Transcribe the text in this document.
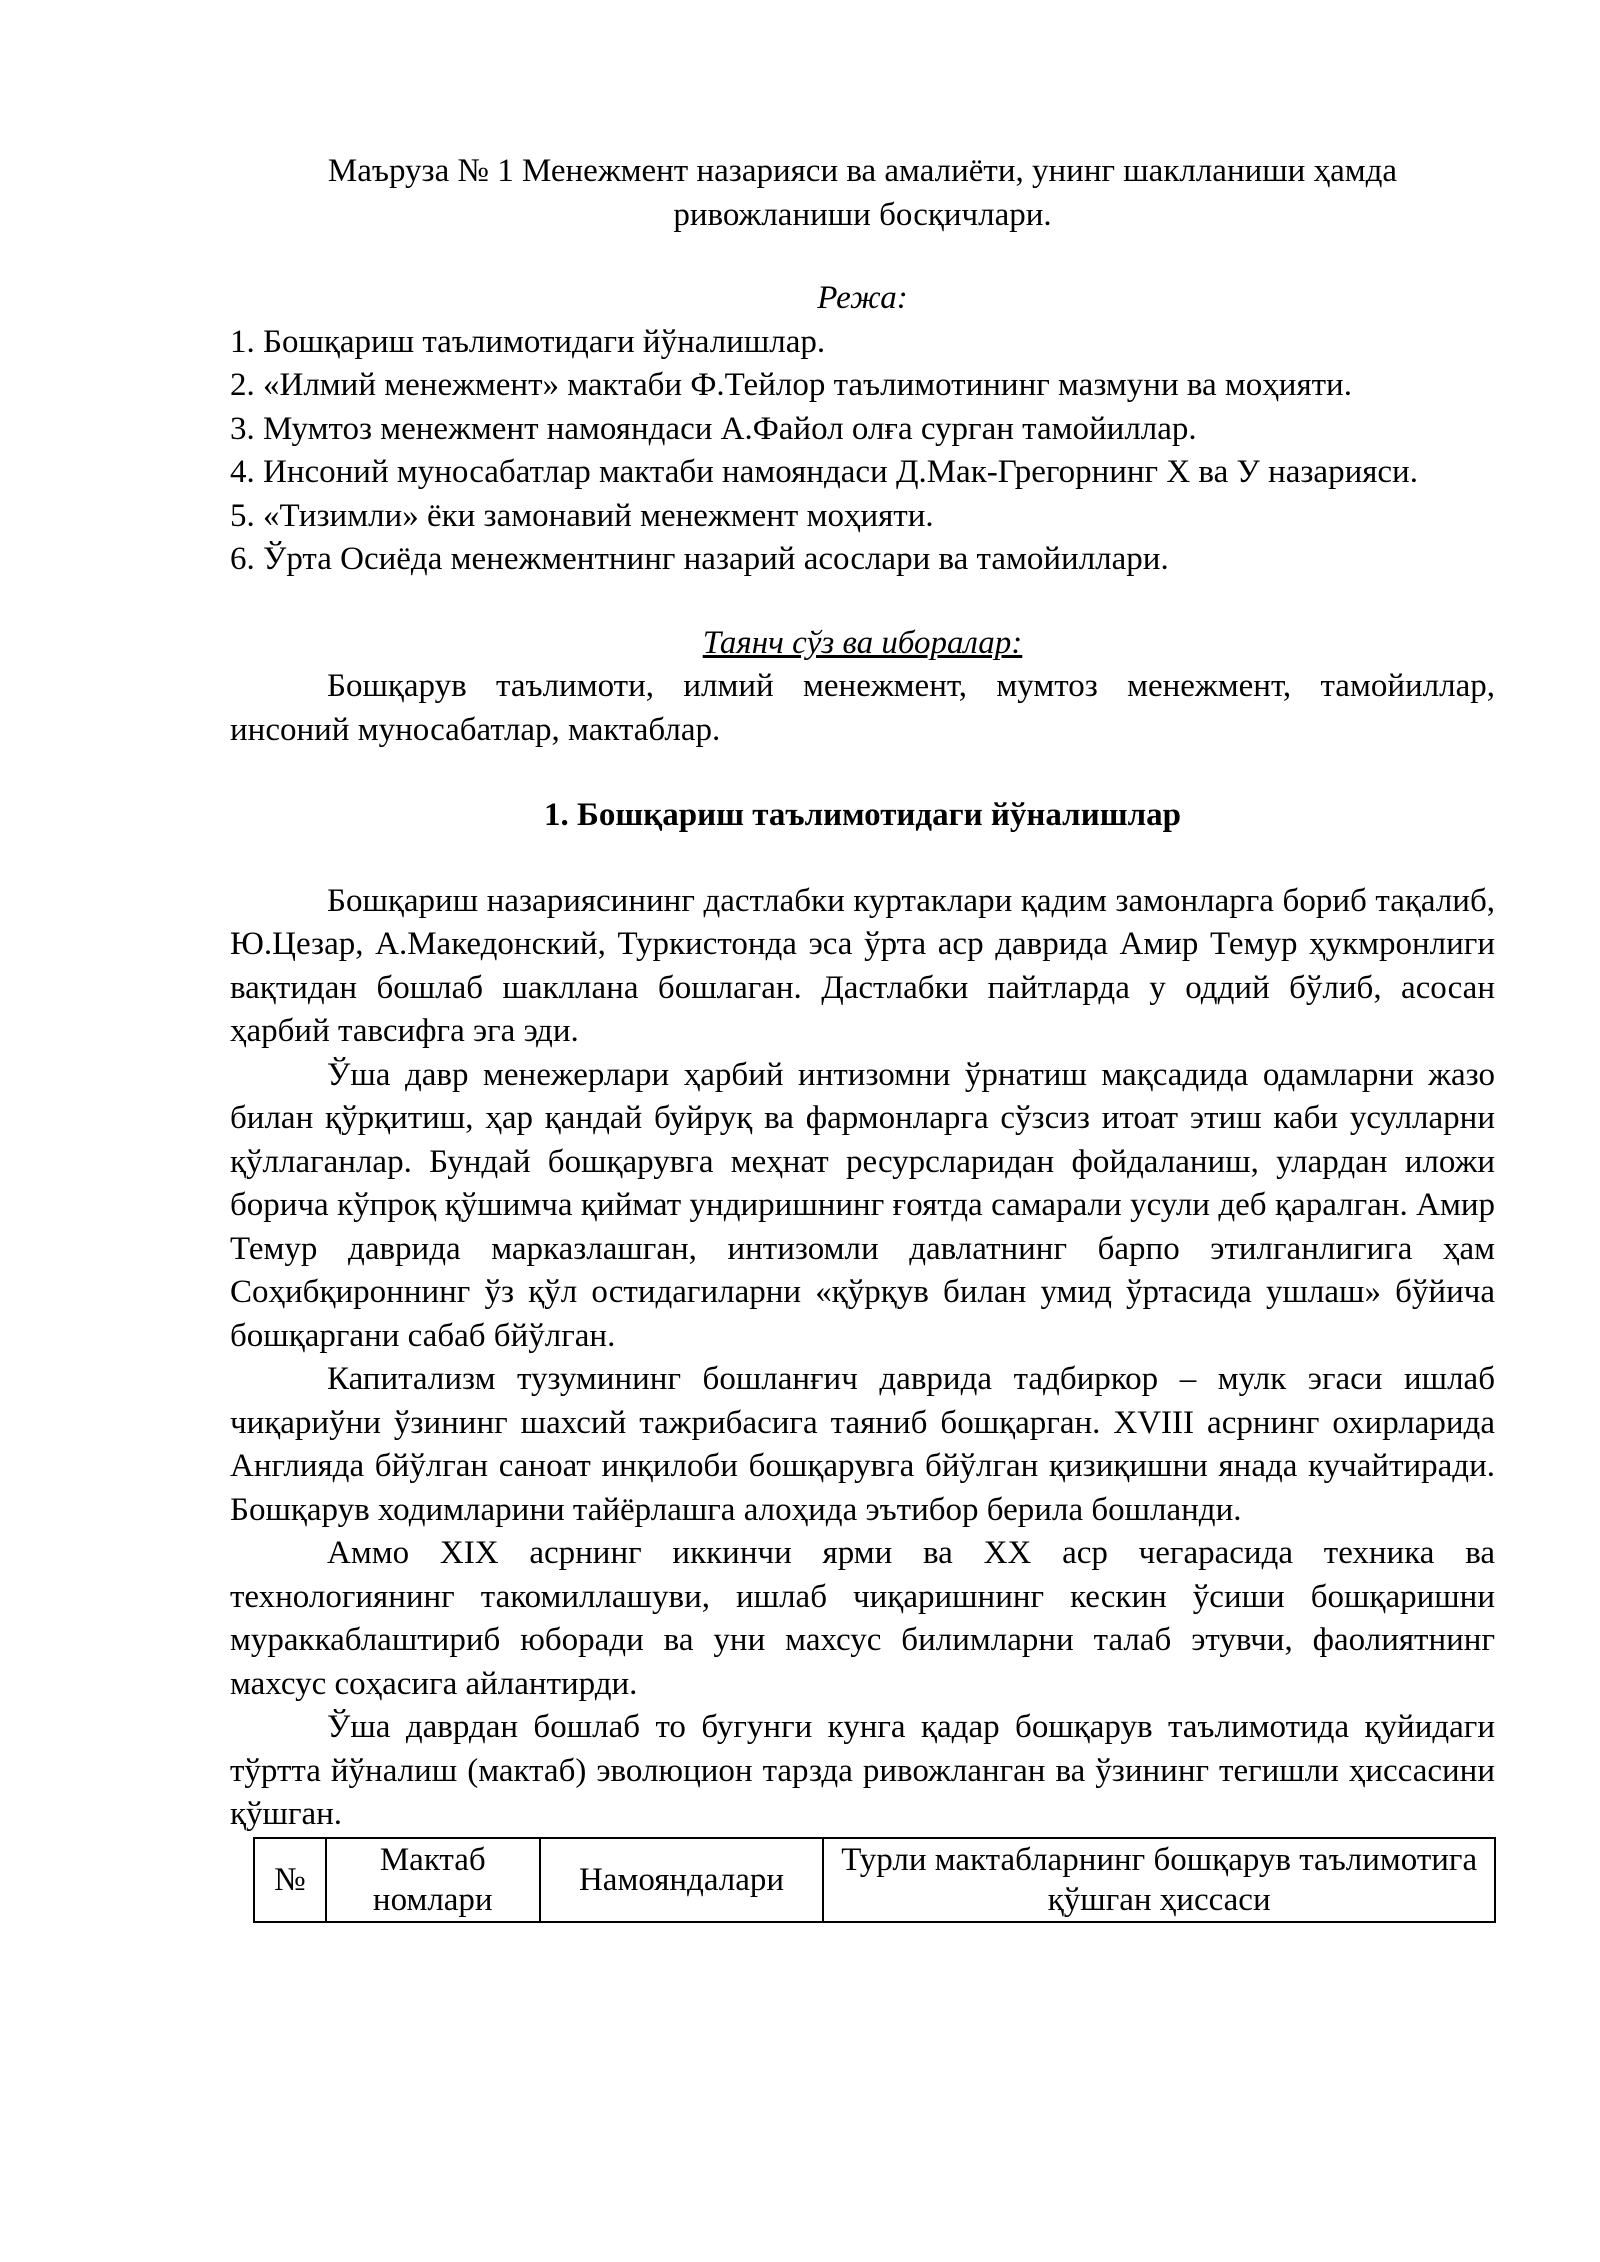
Маъруза № 1 Менежмент назарияси ва амалиёти, унинг шаклланиши ҳамда ривожланиши босқичлари.

Режа:

1. Бошқариш таълимотидаги йўналишлар.
2. «Илмий менежмент» мактаби Ф.Тейлор таълимотининг мазмуни ва моҳияти.
3. Мумтоз менежмент намояндаси А.Файол олға сурган тамойиллар.
4. Инсоний муносабатлар мактаби намояндаси Д.Мак-Грегорнинг Х ва У назарияси.
5. «Тизимли» ёки замонавий менежмент моҳияти.
6. Ўрта Осиёда менежментнинг назарий асослари ва тамойиллари.

Таянч сўз ва иборалар:

Бошқарув таълимоти, илмий менежмент, мумтоз менежмент, тамойиллар, инсоний муносабатлар, мактаблар.

1. Бошқариш таълимотидаги йўналишлар

Бошқариш назариясининг дастлабки куртаклари қадим замонларга бориб тақалиб, Ю.Цезар, А.Македонский, Туркистонда эса ўрта аср даврида Амир Темур ҳукмронлиги вақтидан бошлаб шакллана бошлаган. Дастлабки пайтларда у оддий бўлиб, асосан ҳарбий тавсифга эга эди.

Ўша давр менежерлари ҳарбий интизомни ўрнатиш мақсадида одамларни жазо билан қўрқитиш, ҳар қандай буйруқ ва фармонларга сўзсиз итоат этиш каби усулларни қўллаганлар. Бундай бошқарувга меҳнат ресурсларидан фойдаланиш, улардан иложи борича кўпроқ қўшимча қиймат ундиришнинг ғоятда самарали усули деб қаралган. Амир Темур даврида марказлашган, интизомли давлатнинг барпо этилганлигига ҳам Соҳибқироннинг ўз қўл остидагиларни «қўрқув билан умид ўртасида ушлаш» бўйича бошқаргани сабаб бйўлган.

Капитализм тузумининг бошланғич даврида тадбиркор – мулк эгаси ишлаб чиқариўни ўзининг шахсий тажрибасига таяниб бошқарган. XVIII асрнинг охирларида Англияда бйўлган саноат инқилоби бошқарувга бйўлган қизиқишни янада кучайтиради. Бошқарув ходимларини тайёрлашга алоҳида эътибор берила бошланди.

Аммо XIX асрнинг иккинчи ярми ва XX аср чегарасида техника ва технологиянинг такомиллашуви, ишлаб чиқаришнинг кескин ўсиши бошқаришни мураккаблаштириб юборади ва уни махсус билимларни талаб этувчи, фаолиятнинг махсус соҳасига айлантирди.

Ўша даврдан бошлаб то бугунги кунга қадар бошқарув таълимотида қуйидаги тўртта йўналиш (мактаб) эволюцион тарзда ривожланган ва ўзининг тегишли ҳиссасини қўшган.

№	Мактаб номлари	Намояндалари	Турли мактабларнинг бошқарув таълимотига қўшган ҳиссаси
